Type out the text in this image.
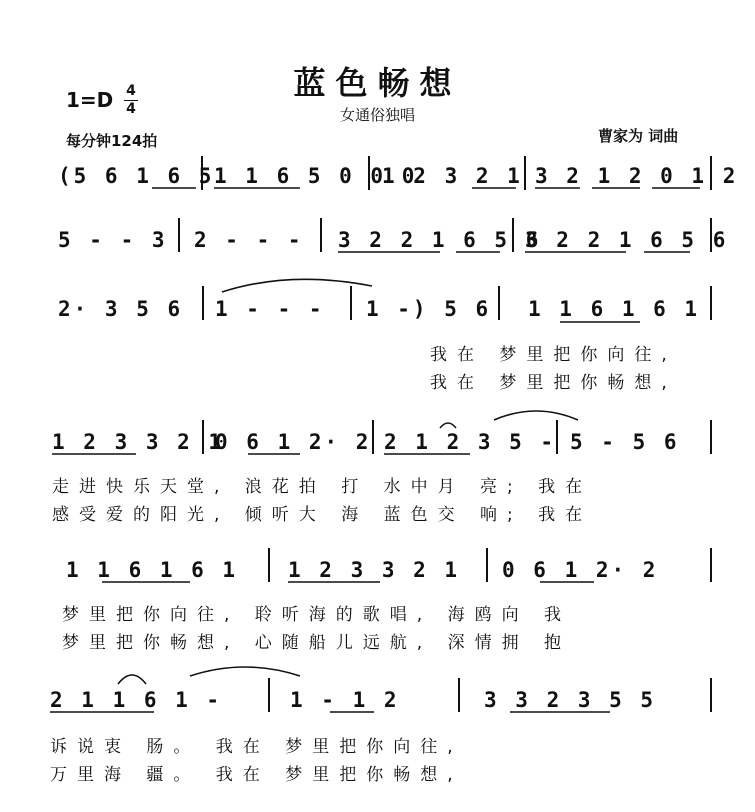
蓝色畅想
女通俗独唱
1=D 4
4
每分钟124拍	曹家为 词曲
(5 6 1 6 5 1 1 6 5 0 0 0
1 2 3 2 1 3 2 1 2 0 1 2
5 - - 3 2 - - - 3 2 2 1 6 5 6
3 2 2 1 6 5 6
2· 3 5 6 1 - - - 1 -) 5 6 1 1 6 1 6 1
我在 梦里把你向往,
我在 梦里把你畅想,
1 2 3 3 2 1
0 6 1 2· 2 2 1 2 3 5 - 5 - 5 6
走进快乐天堂, 浪花拍 打 水中月 亮; 我在
感受爱的阳光, 倾听大 海 蓝色交 响; 我在
1 1 6 1 6 1 1 2 3 3 2 1 0 6 1 2· 2
梦里把你向往, 聆听海的歌唱, 海鸥向 我
梦里把你畅想, 心随船儿远航, 深情拥 抱
2 1 1 6 1 -	1 - 1 2	3 3 2 3 5 5
诉说衷 肠。 我在 梦里把你向往,
万里海 疆。 我在 梦里把你畅想,
